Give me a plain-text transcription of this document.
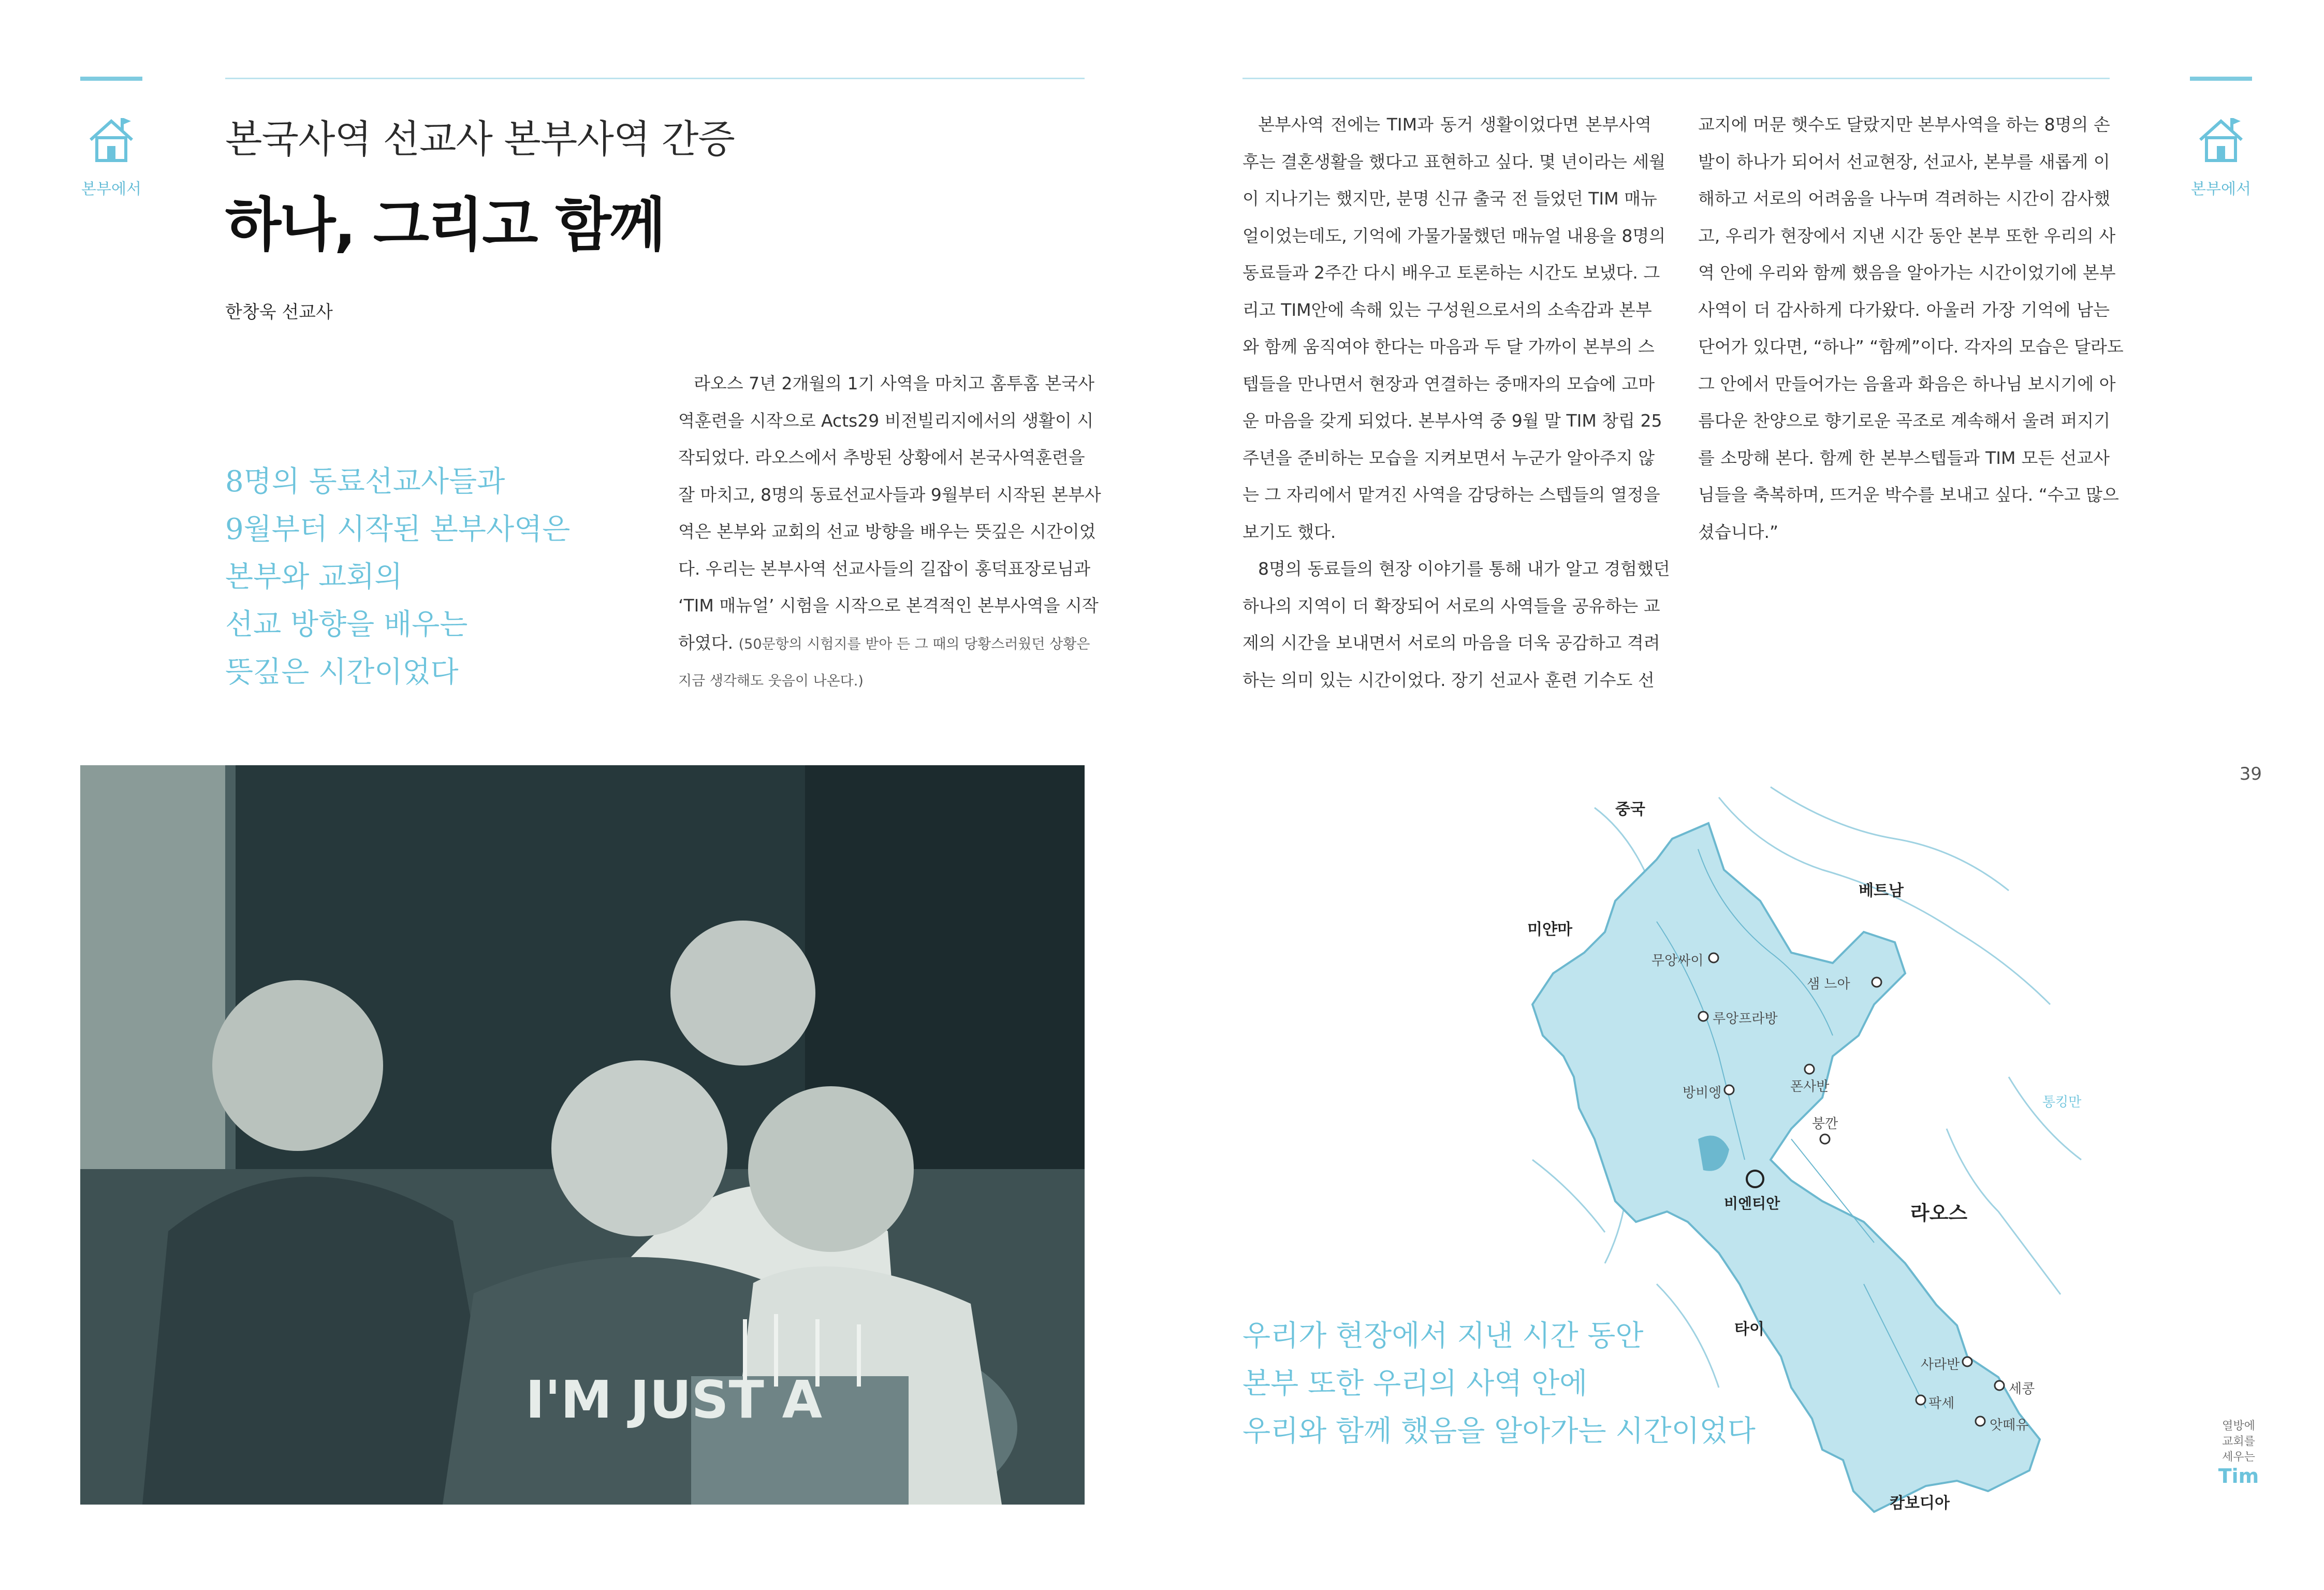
본부에서
본국사역 선교사 본부사역 간증
하나, 그리고 함께
한창욱 선교사
8명의 동료선교사들과
9월부터 시작된 본부사역은
본부와 교회의
선교 방향을 배우는
뜻깊은 시간이었다
라오스 7년 2개월의 1기 사역을 마치고 홈투홈 본국사
역훈련을 시작으로 Acts29 비전빌리지에서의 생활이 시
작되었다. 라오스에서 추방된 상황에서 본국사역훈련을
잘 마치고, 8명의 동료선교사들과 9월부터 시작된 본부사
역은 본부와 교회의 선교 방향을 배우는 뜻깊은 시간이었
다. 우리는 본부사역 선교사들의 길잡이 홍덕표장로님과
‘TIM 매뉴얼’ 시험을 시작으로 본격적인 본부사역을 시작
하였다. (50문항의 시험지를 받아 든 그 때의 당황스러웠던 상황은
지금 생각해도 웃음이 나온다.)
I'M JUST A
본부에서
본부사역 전에는 TIM과 동거 생활이었다면 본부사역
후는 결혼생활을 했다고 표현하고 싶다. 몇 년이라는 세월
이 지나기는 했지만, 분명 신규 출국 전 들었던 TIM 매뉴
얼이었는데도, 기억에 가물가물했던 매뉴얼 내용을 8명의
동료들과 2주간 다시 배우고 토론하는 시간도 보냈다. 그
리고 TIM안에 속해 있는 구성원으로서의 소속감과 본부
와 함께 움직여야 한다는 마음과 두 달 가까이 본부의 스
텝들을 만나면서 현장과 연결하는 중매자의 모습에 고마
운 마음을 갖게 되었다. 본부사역 중 9월 말 TIM 창립 25
주년을 준비하는 모습을 지켜보면서 누군가 알아주지 않
는 그 자리에서 맡겨진 사역을 감당하는 스텝들의 열정을
보기도 했다.
8명의 동료들의 현장 이야기를 통해 내가 알고 경험했던
하나의 지역이 더 확장되어 서로의 사역들을 공유하는 교
제의 시간을 보내면서 서로의 마음을 더욱 공감하고 격려
하는 의미 있는 시간이었다. 장기 선교사 훈련 기수도 선
교지에 머문 햇수도 달랐지만 본부사역을 하는 8명의 손
발이 하나가 되어서 선교현장, 선교사, 본부를 새롭게 이
해하고 서로의 어려움을 나누며 격려하는 시간이 감사했
고, 우리가 현장에서 지낸 시간 동안 본부 또한 우리의 사
역 안에 우리와 함께 했음을 알아가는 시간이었기에 본부
사역이 더 감사하게 다가왔다. 아울러 가장 기억에 남는
단어가 있다면, “하나” “함께”이다. 각자의 모습은 달라도
그 안에서 만들어가는 음율과 화음은 하나님 보시기에 아
름다운 찬양으로 향기로운 곡조로 계속해서 울려 퍼지기
를 소망해 본다. 함께 한 본부스텝들과 TIM 모든 선교사
님들을 축복하며, 뜨거운 박수를 보내고 싶다. “수고 많으
셨습니다.”
39
중국
미얀마
베트남
라오스
타이
캄보디아
통킹만
무앙싸이
샘 느아
루앙프라방
폰사반
방비엥
붕깐
비엔티안
사라반
세콩
팍세
앗떼유
우리가 현장에서 지낸 시간 동안
본부 또한 우리의 사역 안에
우리와 함께 했음을 알아가는 시간이었다	열방에
교회를
세우는
Tim
